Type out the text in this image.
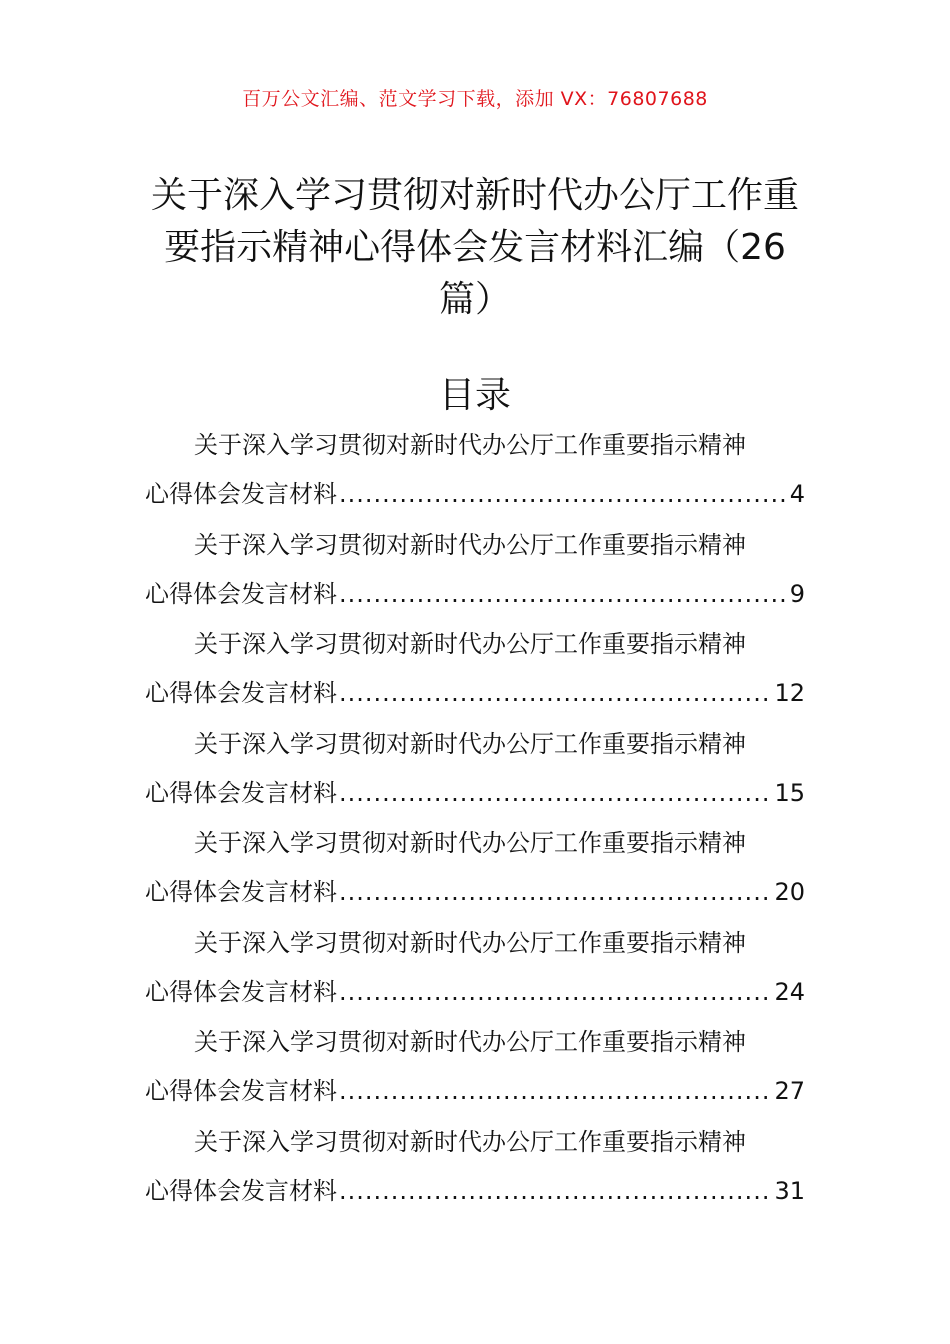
百万公文汇编、范文学习下载，添加 VX：76807688
关于深入学习贯彻对新时代办公厅工作重要指示精神心得体会发言材料汇编（26篇）
目录
关于深入学习贯彻对新时代办公厅工作重要指示精神
心得体会发言材料 .....	4
关于深入学习贯彻对新时代办公厅工作重要指示精神
心得体会发言材料 .....	9
关于深入学习贯彻对新时代办公厅工作重要指示精神
心得体会发言材料 .....	12
关于深入学习贯彻对新时代办公厅工作重要指示精神
心得体会发言材料 .....	15
关于深入学习贯彻对新时代办公厅工作重要指示精神
心得体会发言材料 .....	20
关于深入学习贯彻对新时代办公厅工作重要指示精神
心得体会发言材料 .....	24
关于深入学习贯彻对新时代办公厅工作重要指示精神
心得体会发言材料 .....	27
关于深入学习贯彻对新时代办公厅工作重要指示精神
心得体会发言材料 .....	31
